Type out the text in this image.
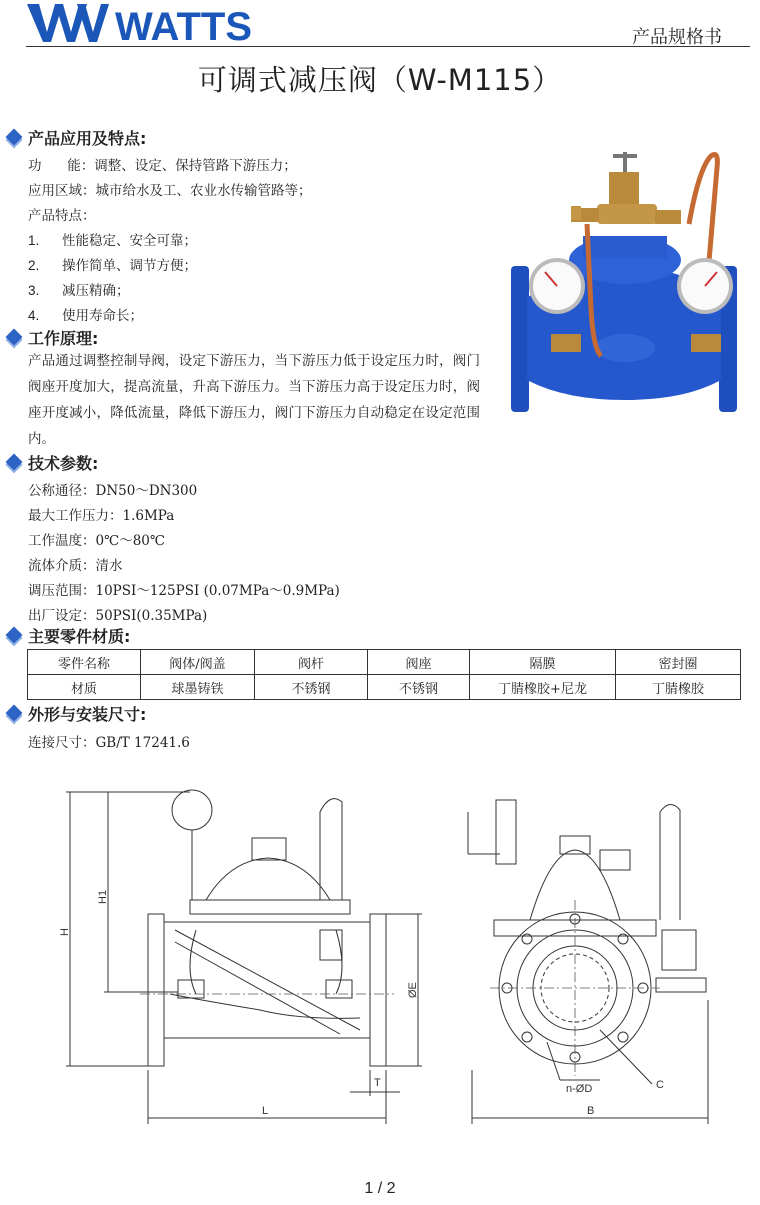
WATTS	产品规格书
可调式减压阀（W-M115）
产品应用及特点:
功      能：调整、设定、保持管路下游压力；
应用区域：城市给水及工、农业水传输管路等；
产品特点：
1. 性能稳定、安全可靠；
2. 操作简单、调节方便；
3. 减压精确；
4. 使用寿命长；
工作原理:
产品通过调整控制导阀，设定下游压力，当下游压力低于设定压力时，阀门阀座开度加大，提高流量，升高下游压力。当下游压力高于设定压力时，阀座开度减小，降低流量，降低下游压力，阀门下游压力自动稳定在设定范围内。
技术参数:
公称通径：DN50～DN300
最大工作压力：1.6MPa
工作温度：0℃～80℃
流体介质：清水
调压范围：10PSI～125PSI (0.07MPa～0.9MPa)
出厂设定：50PSI(0.35MPa)
主要零件材质:
零件名称	阀体/阀盖	阀杆	阀座	隔膜	密封圈
材质	球墨铸铁	不锈钢	不锈钢	丁腈橡胶+尼龙	丁腈橡胶
外形与安装尺寸:
连接尺寸：GB/T 17241.6
H
H1
ØE
T
L	B
n-ØD	C
1 / 2
